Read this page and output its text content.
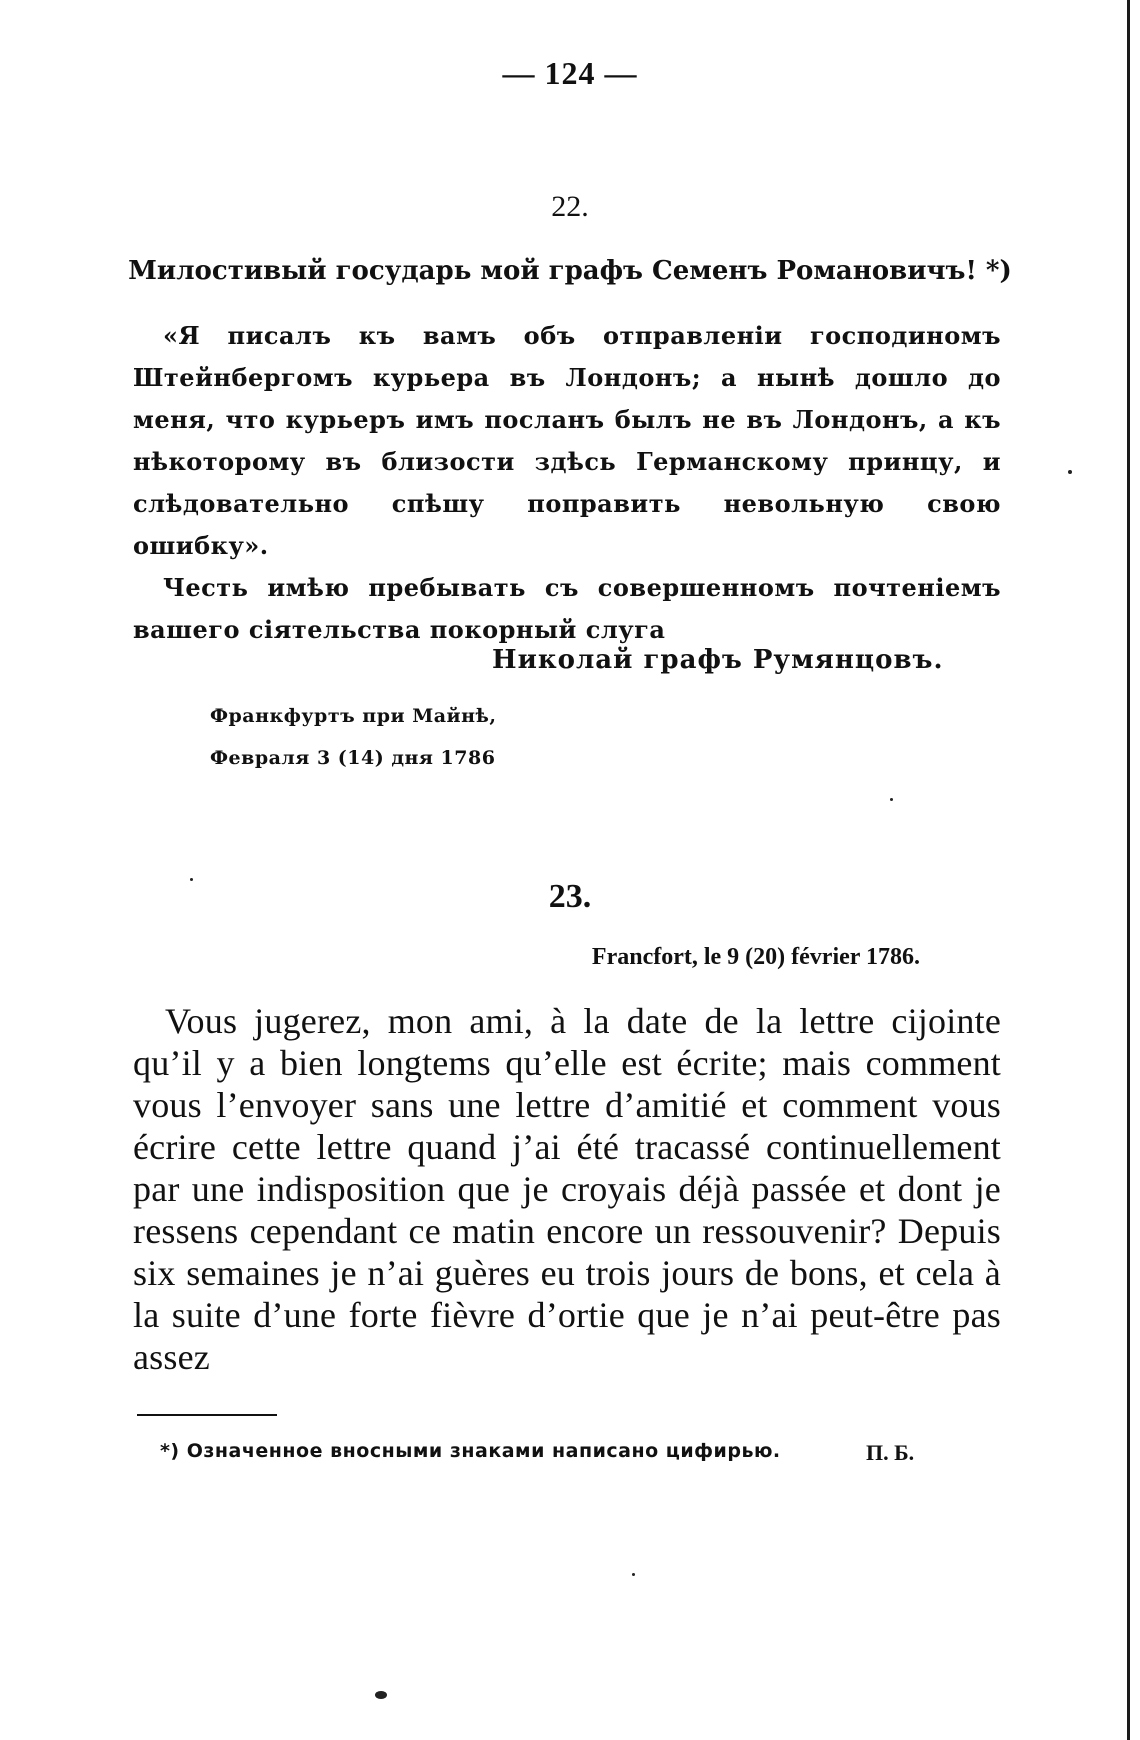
— 124 —
22.
Милостивый государь мой графъ Семенъ Романовичъ! *)

«Я писалъ къ вамъ объ отправленіи господиномъ Штейнбергомъ курьера въ Лондонъ; а нынѣ дошло до меня, что курьеръ имъ посланъ былъ не въ Лондонъ, а къ нѣкоторому въ близости здѣсь Германскому принцу, и слѣдовательно спѣшу поправить невольную свою ошибку».

Честь имѣю пребывать съ совершенномъ почтеніемъ вашего сіятельства покорный слуга

Николай графъ Румянцовъ.
Франкфуртъ при Майнѣ,
Февраля 3 (14) дня 1786
23.
Francfort, le 9 (20) février 1786.
Vous jugerez, mon ami, à la date de la lettre cijointe qu’il y a bien longtems qu’elle est écrite; mais comment vous l’envoyer sans une lettre d’amitié et comment vous écrire cette lettre quand j’ai été tracassé continuellement par une indisposition que je croyais déjà passée et dont je ressens cependant ce matin encore un ressouvenir? Depuis six semaines je n’ai guères eu trois jours de bons, et cela à la suite d’une forte fièvre d’ortie que je n’ai peut-être pas assez
*) Означенное вносными знаками написано цифирью.	П. Б.
